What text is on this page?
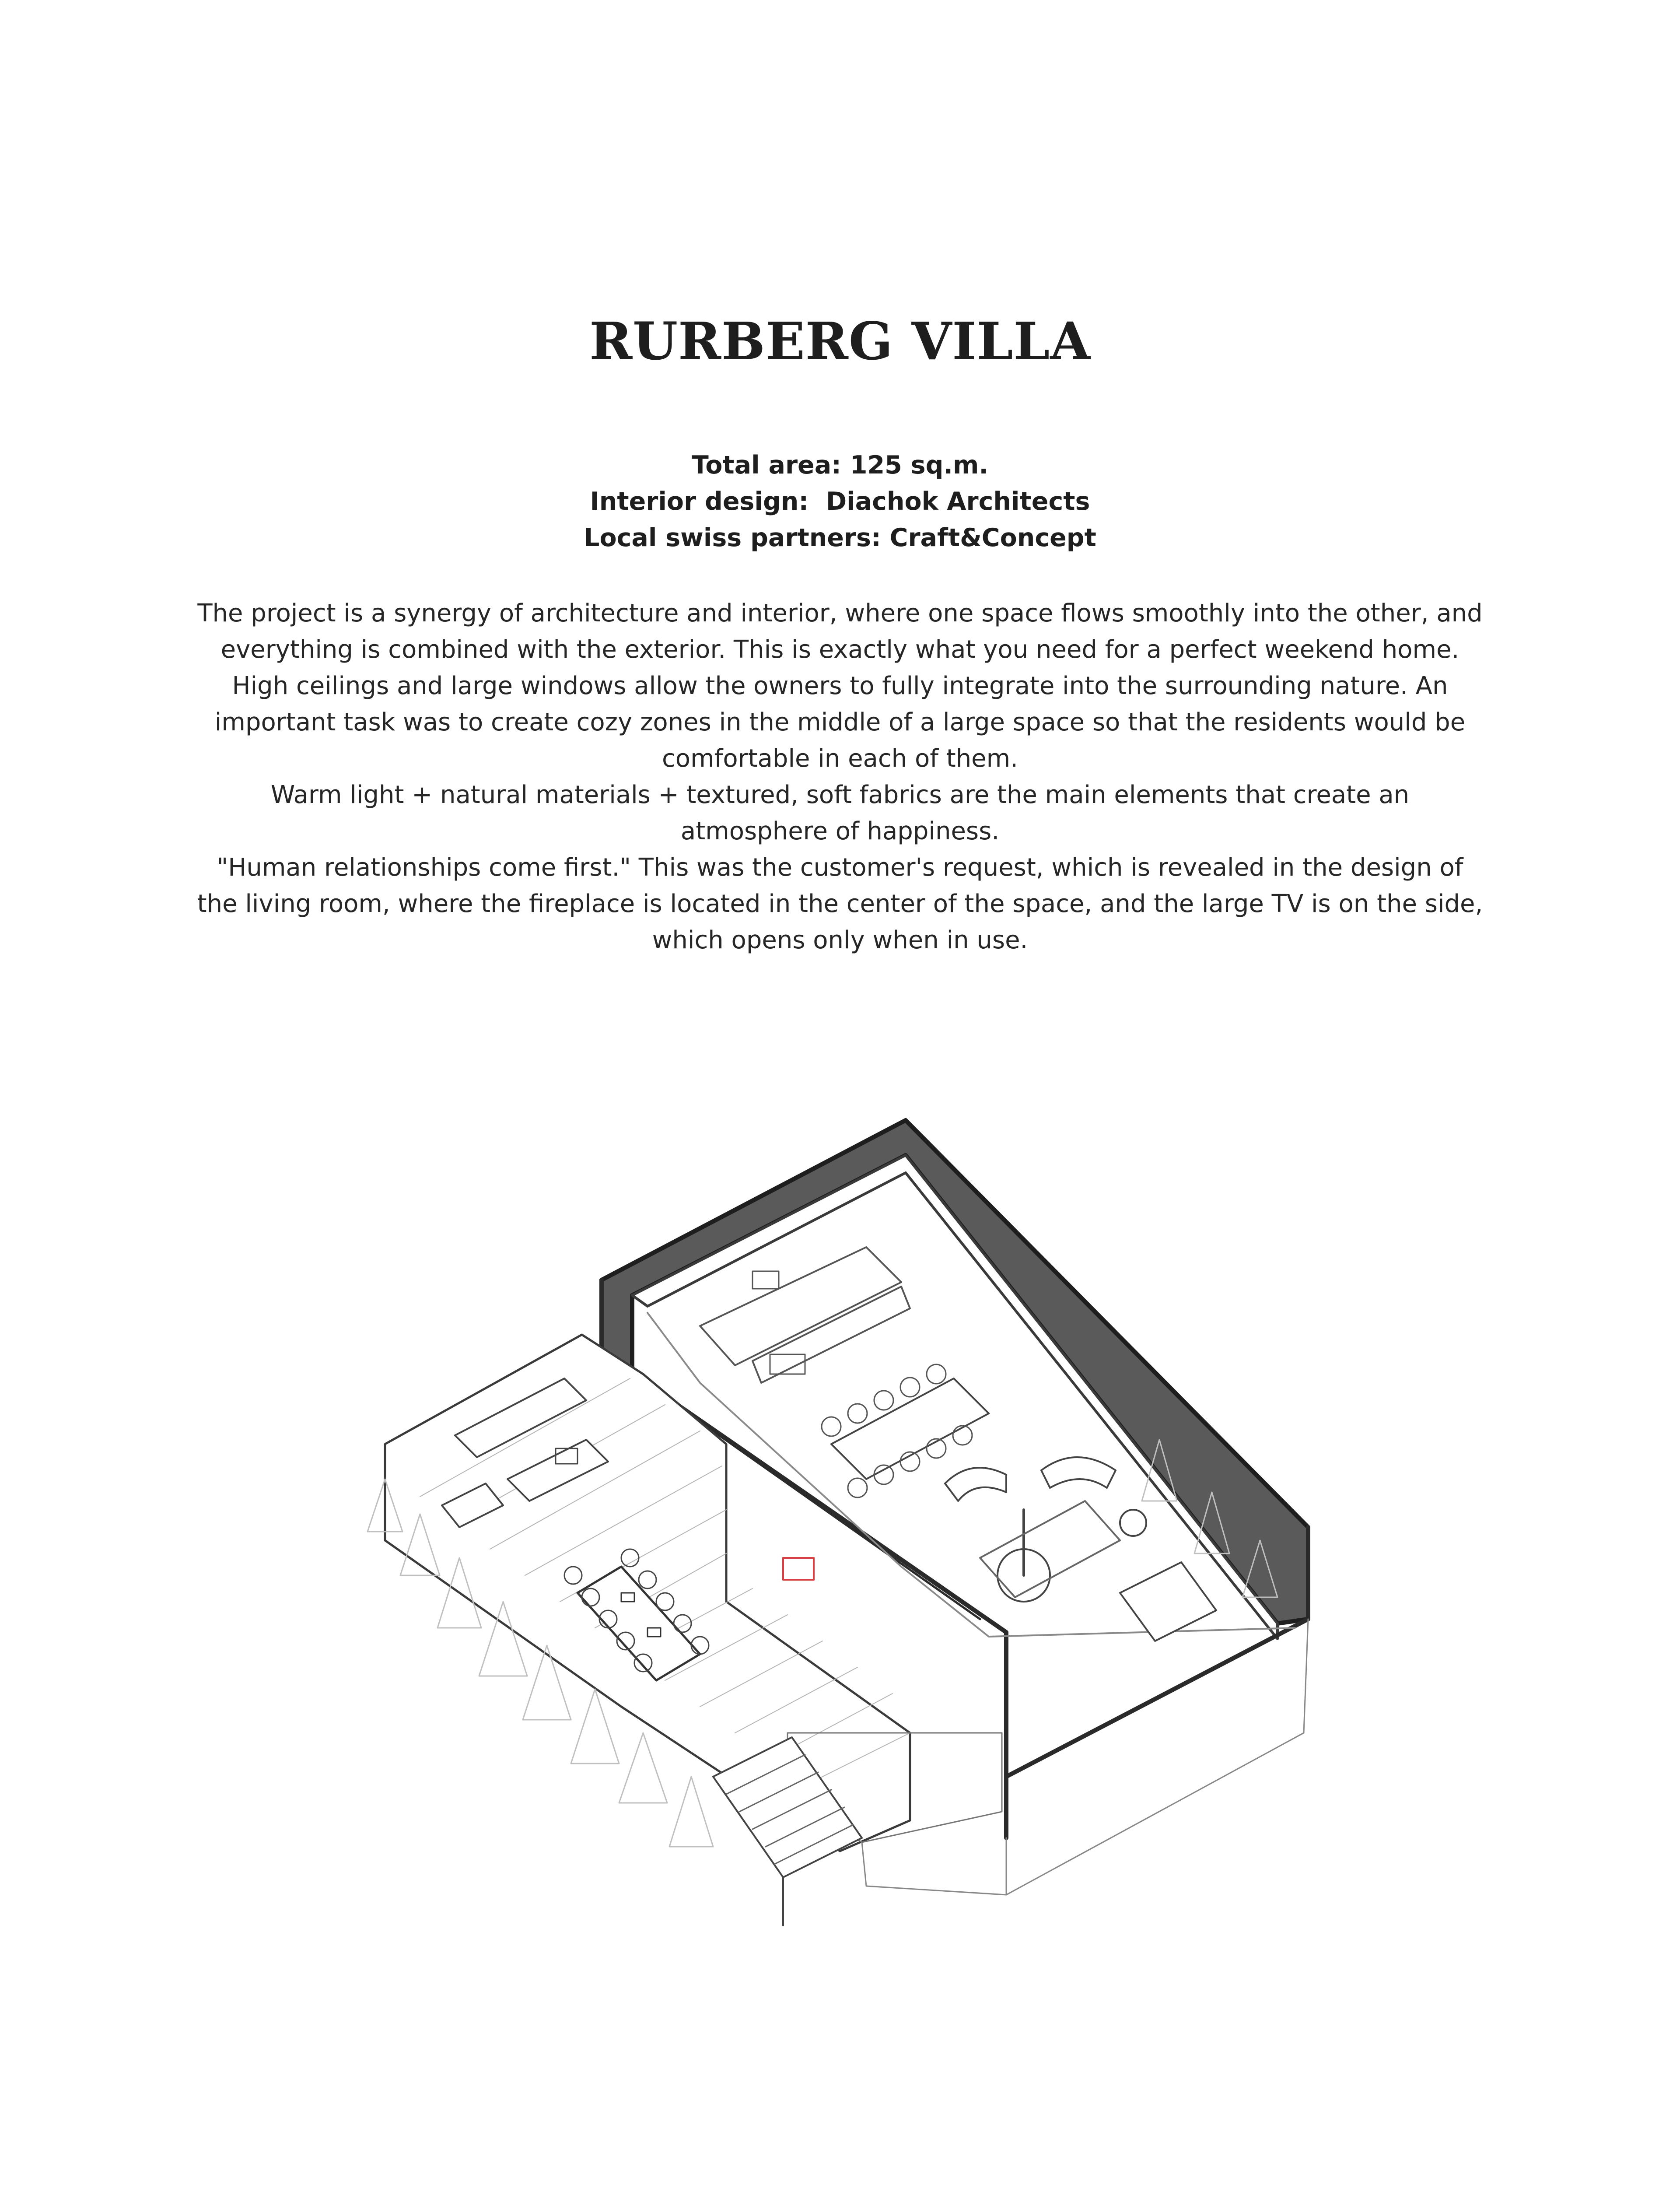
RURBERG VILLA
Total area: 125 sq.m.
Interior design:  Diachok Architects
Local swiss partners: Craft&Concept

The project is a synergy of architecture and interior, where one space flows smoothly into the other, and everything is combined with the exterior. This is exactly what you need for a perfect weekend home. High ceilings and large windows allow the owners to fully integrate into the surrounding nature. An important task was to create cozy zones in the middle of a large space so that the residents would be comfortable in each of them.

Warm light + natural materials + textured, soft fabrics are the main elements that create an atmosphere of happiness.

"Human relationships come first." This was the customer's request, which is revealed in the design of the living room, where the fireplace is located in the center of the space, and the large TV is on the side, which opens only when in use.
